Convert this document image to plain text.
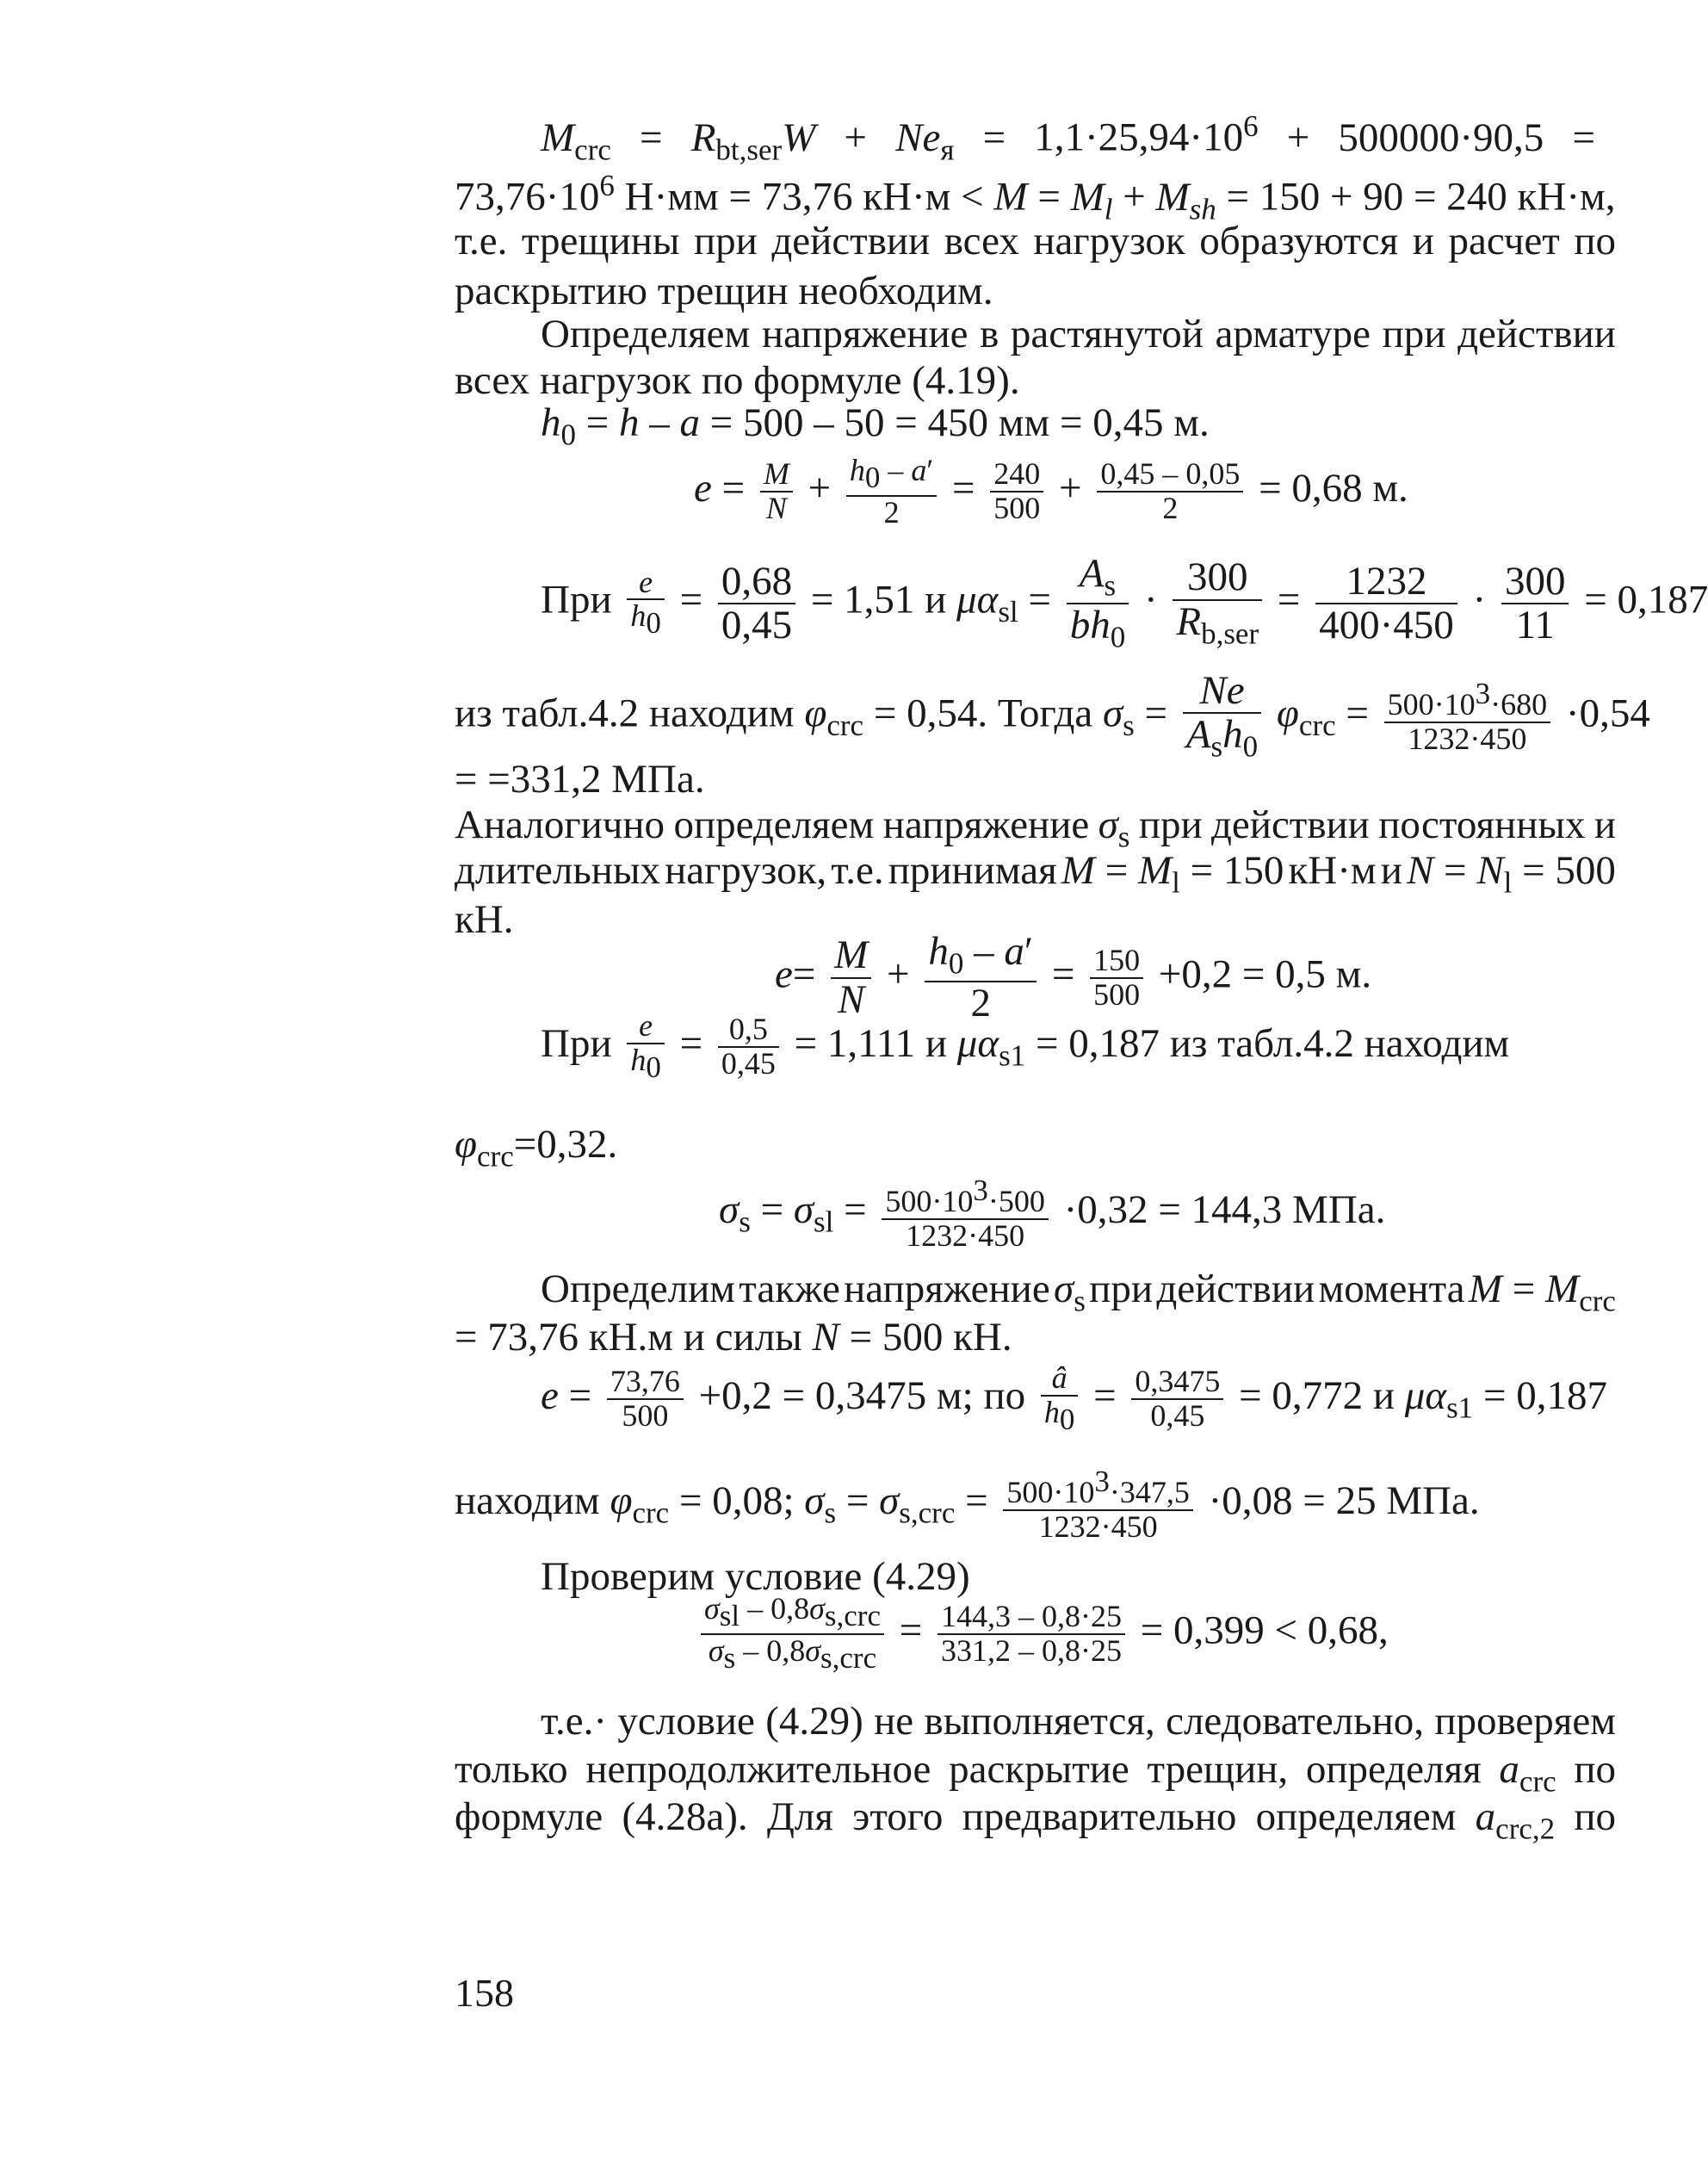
$M_{crc} = R_{bt,ser}W + Ne_я = 1,1\cdot 25,94\cdot 10^6 + 500000\cdot 90,5$ =
$73,76\cdot 10^6$ Н·мм = 73,76 $кН\cdot м < M = M_l + M_{sh} = 150 + 90 = 240$ кН·м,
т.е. трещины при действии всех нагрузок образуются и расчет по
раскрытию трещин необходим.
Определяем напряжение в растянутой арматуре при действии
всех нагрузок по формуле (4.19).
$h_0 = h - a = 500 - 50 = 450$ мм = 0,45 м.
$e = \frac{M}{N} + \frac{h_0 - a'}{2} = \frac{240}{500} + \frac{0,45 - 0,05}{2} = 0,68$ м.
При $\frac{e}{h_0} = \frac{0,68}{0,45} = 1,51$ и $\mu\alpha_{sl} = \frac{A_s}{bh_0} \cdot \frac{300}{R_{b,ser}} = \frac{1232}{400\cdot 450} \cdot \frac{300}{11} = 0,187$
из табл.4.2 находим $\varphi_{crc} = 0,54$. Тогда $\sigma_s = \frac{Ne}{A_sh_0} \varphi_{crc} = \frac{500\cdot 10^3\cdot 680}{1232\cdot 450} \cdot 0,54$
= =331,2 МПа.
Аналогично определяем напряжение $\sigma_s$ при действии постоянных и
длительных нагрузок, т.е. принимая $M = M_l = 150$ кН·м и $N = N_l = 500$
кН.
$e= \frac{M}{N} + \frac{h_0 - a'}{2} = \frac{150}{500} +0,2 = 0,5$ м.
При $\frac{e}{h_0} = \frac{0,5}{0,45} = 1,111$ и $\mu\alpha_{s1} = 0,187$ из табл.4.2 находим
$\varphi_{crc}=0,32$.
$\sigma_s = \sigma_{sl} = \frac{500\cdot 10^3\cdot 500}{1232\cdot 450} \cdot 0,32 = 144,3$ МПа.
Определим также напряжение $\sigma_s$ при действии момента $M = M_{crc}$
= 73,76 кН.м и силы N = 500 кН.
$e = \frac{73,76}{500} +0,2 = 0,3475$ м; по $\frac{â}{h_0} = \frac{0,3475}{0,45} = 0,772$ и $\mu\alpha_{s1} = 0,187$
находим $\varphi_{crc} = 0,08$; $\sigma_s = \sigma_{s,crc} = \frac{500\cdot 10^3\cdot 347,5}{1232\cdot 450} \cdot 0,08 = 25$ МПа.
Проверим условие (4.29)
$\frac{\sigma_{sl} - 0,8\sigma_{s,crc}}{\sigma_s - 0,8\sigma_{s,crc}} = \frac{144,3 - 0,8\cdot 25}{331,2 - 0,8\cdot 25} = 0,399 < 0,68$,
т.е.· условие (4.29) не выполняется, следовательно, проверяем
только непродолжительное раскрытие трещин, определяя $a_{crc}$ по
формуле (4.28а). Для этого предварительно определяем $a_{crc,2}$ по
158
